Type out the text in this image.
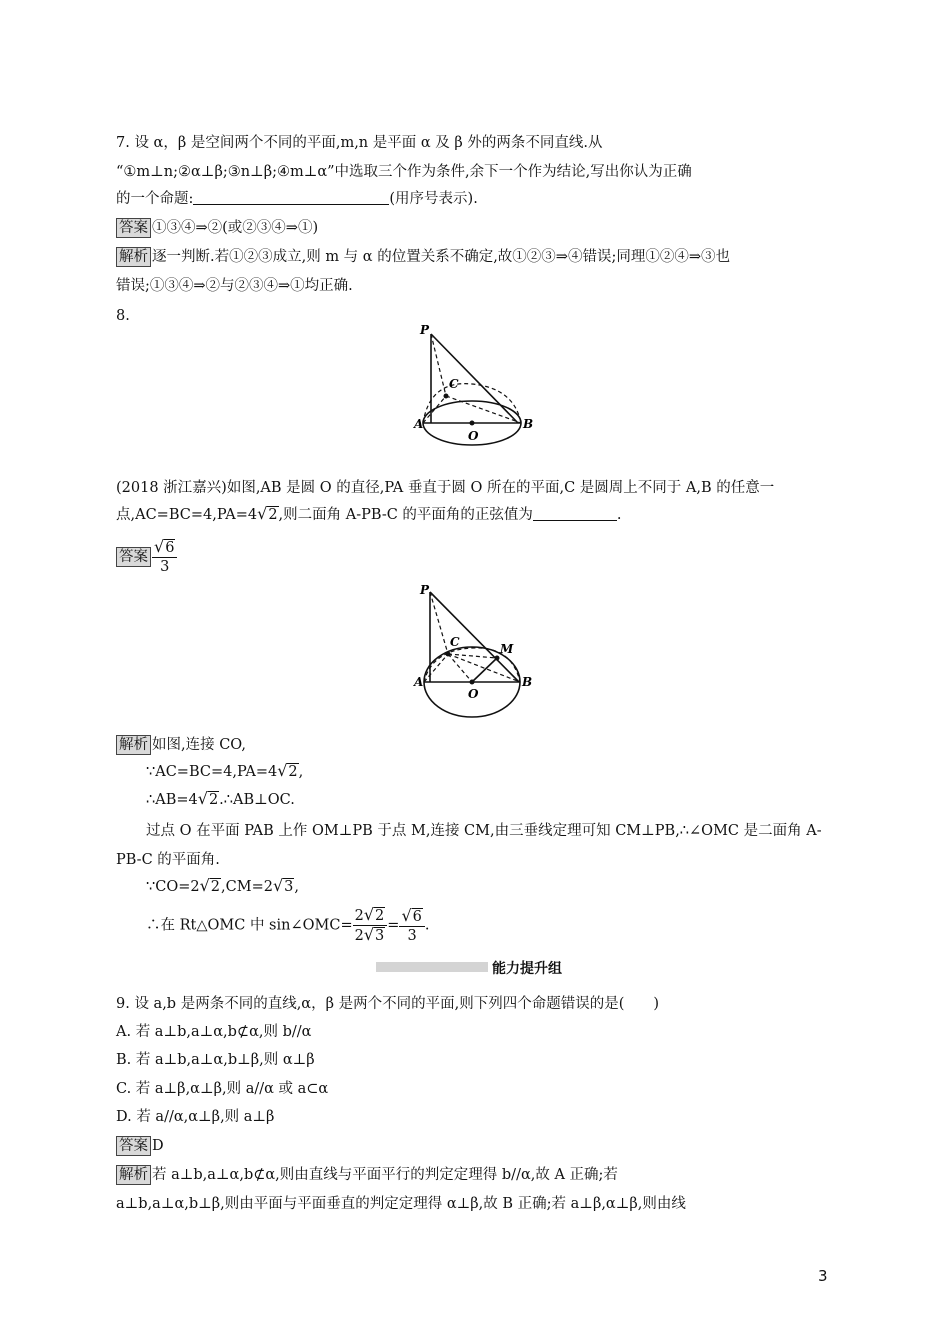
7. 设 α，β 是空间两个不同的平面,m,n 是平面 α 及 β 外的两条不同直线.从
“①m⊥n;②α⊥β;③n⊥β;④m⊥α”中选取三个作为条件,余下一个作为结论,写出你认为正确
的一个命题:	(用序号表示).
答案 ①③④⇒②(或②③④⇒①)
解析 逐一判断.若①②③成立,则 m 与 α 的位置关系不确定,故①②③⇒④错误;同理①②④⇒③也
错误;①③④⇒②与②③④⇒①均正确.
8.
P
C
A
O
B
(2018 浙江嘉兴)如图,AB 是圆 O 的直径,PA 垂直于圆 O 所在的平面,C 是圆周上不同于 A,B 的任意一
点,AC=BC=4,PA=4√2,则二面角 A-PB-C 的平面角的正弦值为	.
答案 $\frac{√6}{3}$
P
C	M
A
O
B
解析 如图,连接 CO,
∵AC=BC=4,PA=4√2,
∴AB=4√2.∴AB⊥OC.
过点 O 在平面 PAB 上作 OM⊥PB 于点 M,连接 CM,由三垂线定理可知 CM⊥PB,∴∠OMC 是二面角 A-
PB-C 的平面角.
∵CO=2√2,CM=2√3,
∴在 Rt△OMC 中 sin∠OMC= $\frac{2√2}{2√3} = \frac{√6}{3}$ .
能力提升组
9. 设 a,b 是两条不同的直线,α，β 是两个不同的平面,则下列四个命题错误的是(　　)
A. 若 a⊥b,a⊥α,b⊄α,则 b//α
B. 若 a⊥b,a⊥α,b⊥β,则 α⊥β
C. 若 a⊥β,α⊥β,则 a//α 或 a⊂α
D. 若 a//α,α⊥β,则 a⊥β
答案 D
解析 若 a⊥b,a⊥α,b⊄α,则由直线与平面平行的判定定理得 b//α,故 A 正确;若
a⊥b,a⊥α,b⊥β,则由平面与平面垂直的判定定理得 α⊥β,故 B 正确;若 a⊥β,α⊥β,则由线
3
